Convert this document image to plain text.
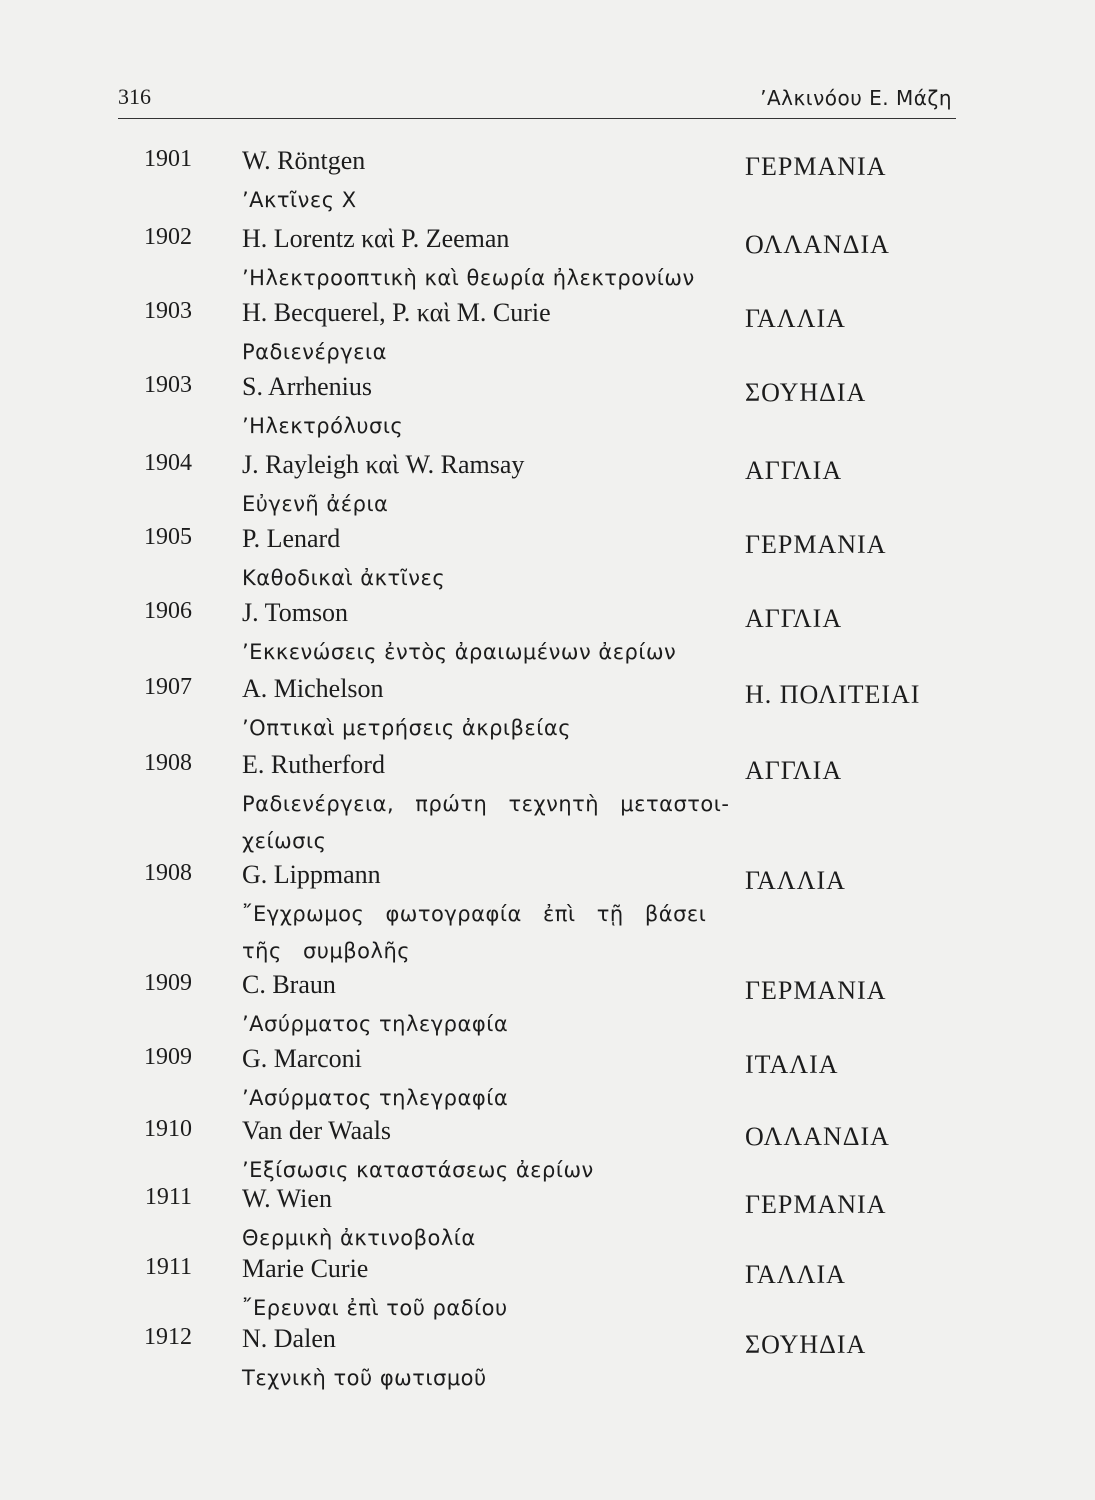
316	’Αλκινόου Ε. Μάζη
1901 W. Röntgen	ΓΕΡΜΑΝΙΑ
’Ακτῖνες Χ
1902 H. Lorentz καὶ P. Zeeman	ΟΛΛΑΝΔΙΑ
’Ηλεκτροοπτικὴ καὶ θεωρία ἠλεκτρονίων
1903 H. Becquerel, P. καὶ M. Curie	ΓΑΛΛΙΑ
Ραδιενέργεια
1903 S. Arrhenius	ΣΟΥΗΔΙΑ
’Ηλεκτρόλυσις
1904 J. Rayleigh καὶ W. Ramsay	ΑΓΓΛΙΑ
Εὐγενῆ ἀέρια
1905 P. Lenard	ΓΕΡΜΑΝΙΑ
Καθοδικαὶ ἀκτῖνες
1906 J. Tomson	ΑΓΓΛΙΑ
’Εκκενώσεις ἐντὸς ἀραιωμένων ἀερίων
1907 A. Michelson	Η. ΠΟΛΙΤΕΙΑΙ
’Οπτικαὶ μετρήσεις ἀκριβείας
1908 E. Rutherford	ΑΓΓΛΙΑ
Ραδιενέργεια, πρώτη τεχνητὴ μεταστοι-χείωσις
1908 G. Lippmann	ΓΑΛΛΙΑ
῎Εγχρωμος φωτογραφία ἐπὶ τῇ βάσει τῆς συμβολῆς
1909 C. Braun	ΓΕΡΜΑΝΙΑ
’Ασύρματος τηλεγραφία
1909 G. Marconi	ΙΤΑΛΙΑ
’Ασύρματος τηλεγραφία
1910 Van der Waals	ΟΛΛΑΝΔΙΑ
’Εξίσωσις καταστάσεως ἀερίων
1911 W. Wien	ΓΕΡΜΑΝΙΑ
Θερμικὴ ἀκτινοβολία
1911 Marie Curie	ΓΑΛΛΙΑ
῎Ερευναι ἐπὶ τοῦ ραδίου
1912 N. Dalen	ΣΟΥΗΔΙΑ
Τεχνικὴ τοῦ φωτισμοῦ
